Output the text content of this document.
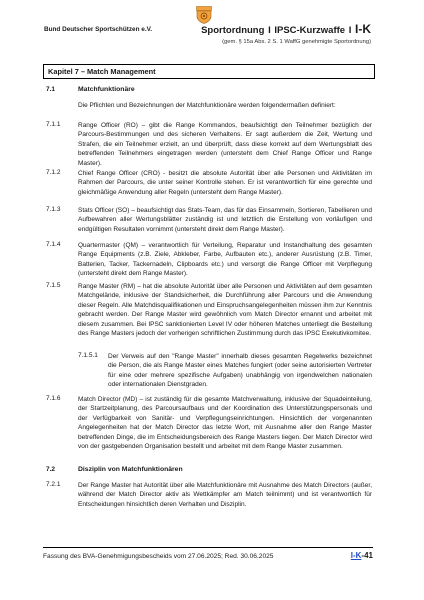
Bund Deutscher Sportschützen e.V.	Sportordnung I IPSC-Kurzwaffe I I-K
(gem. § 15a Abs. 2 S. 1 WaffG genehmigte Sportordnung)
Kapitel 7 – Match Management
7.1	Matchfunktionäre

Die Pflichten und Bezeichnungen der Matchfunktionäre werden folgendermaßen definiert:

7.1.1	Range Officer (RO) – gibt die Range Kommandos, beaufsichtigt den Teilnehmer bezüglich der Parcours-Bestimmungen und des sicheren Verhaltens. Er sagt außerdem die Zeit, Wertung und Strafen, die ein Teilnehmer erzielt, an und überprüft, dass diese korrekt auf dem Wertungsblatt des betreffenden Teilnehmers eingetragen werden (untersteht dem Chief Range Officer und Range Master).

7.1.2	Chief Range Officer (CRO) - besitzt die absolute Autorität über alle Personen und Aktivitäten im Rahmen der Parcours, die unter seiner Kontrolle stehen. Er ist verantwortlich für eine gerechte und gleichmäßige Anwendung aller Regeln (untersteht dem Range Master).

7.1.3	Stats Officer (SO) – beaufsichtigt das Stats-Team, das für das Einsammeln, Sortieren, Tabellieren und Aufbewahren aller Wertungsblätter zuständig ist und letztlich die Erstellung von vorläufigen und endgültigen Resultaten vornimmt (untersteht direkt dem Range Master).

7.1.4	Quartermaster (QM) – verantwortlich für Verteilung, Reparatur und Instandhaltung des gesamten Range Equipments (z.B. Ziele, Abkleber, Farbe, Aufbauten etc.), anderer Ausrüstung (z.B. Timer, Batterien, Tacker, Tackernadeln, Clipboards etc.) und versorgt die Range Officer mit Verpflegung (untersteht direkt dem Range Master).

7.1.5	Range Master (RM) – hat die absolute Autorität über alle Personen und Aktivitäten auf dem gesamten Matchgelände, inklusive der Standsicherheit, die Durchführung aller Parcours und die Anwendung dieser Regeln. Alle Matchdisqualifikationen und Einspruchsangelegenheiten müssen ihm zur Kenntnis gebracht werden. Der Range Master wird gewöhnlich vom Match Director ernannt und arbeitet mit diesem zusammen. Bei IPSC sanktionierten Level IV oder höheren Matches unterliegt die Bestellung des Range Masters jedoch der vorherigen schriftlichen Zustimmung durch das IPSC Exekutivkomitee.

7.1.5.1 Der Verweis auf den "Range Master" innerhalb dieses gesamten Regelwerks bezeichnet die Person, die als Range Master eines Matches fungiert (oder seine autorisierten Vertreter für eine oder mehrere spezifische Aufgaben) unabhängig von irgendwelchen nationalen oder internationalen Dienstgraden.

7.1.6	Match Director (MD) – ist zuständig für die gesamte Matchverwaltung, inklusive der Squadeinteilung, der Startzeitplanung, des Parcoursaufbaus und der Koordination des Unterstützungspersonals und der Verfügbarkeit von Sanitär- und Verpflegungseinrichtungen. Hinsichtlich der vorgenannten Angelegenheiten hat der Match Director das letzte Wort, mit Ausnahme aller den Range Master betreffenden Dinge, die im Entscheidungsbereich des Range Masters liegen. Der Match Director wird von der gastgebenden Organisation bestellt und arbeitet mit dem Range Master zusammen.

7.2	Disziplin von Matchfunktionären
7.2.1	Der Range Master hat Autorität über alle Matchfunktionäre mit Ausnahme des Match Directors (außer, während der Match Director aktiv als Wettkämpfer am Match teilnimmt) und ist verantwortlich für Entscheidungen hinsichtlich deren Verhalten und Disziplin.

Fassung des BVA-Genehmigungsbescheids vom 27.06.2025; Red. 30.06.2025	I-K-41
